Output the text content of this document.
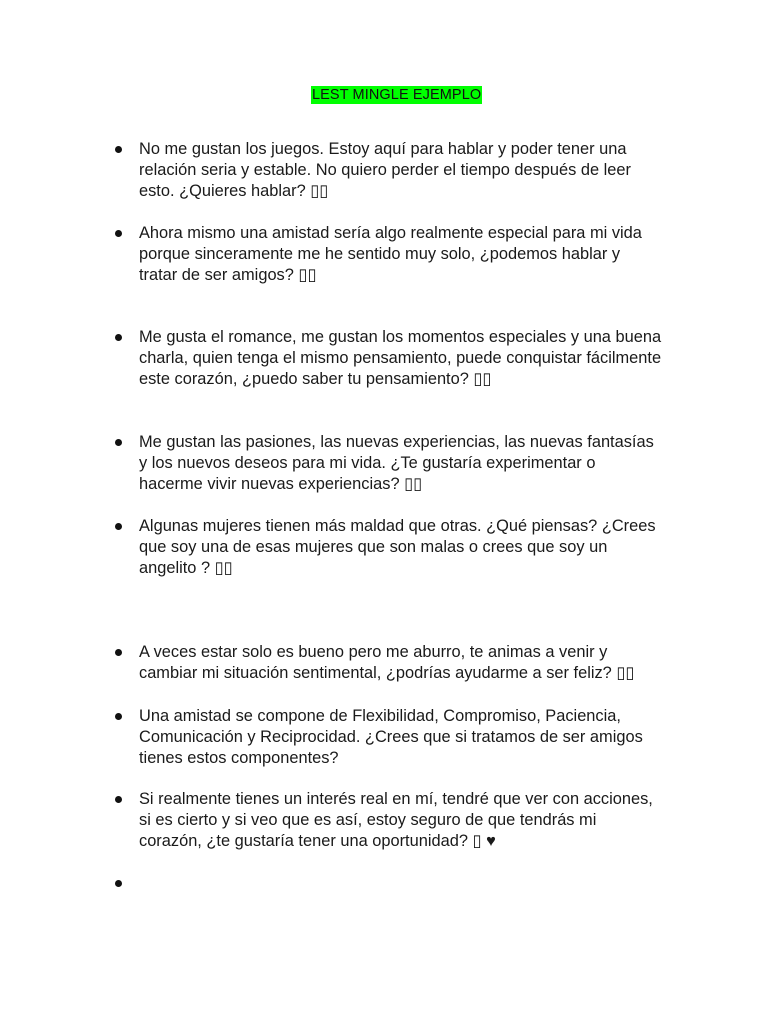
LEST MINGLE EJEMPLO

No me gustan los juegos. Estoy aquí para hablar y poder tener una
relación seria y estable. No quiero perder el tiempo después de leer
esto. ¿Quieres hablar? ▯▯

Ahora mismo una amistad sería algo realmente especial para mi vida
porque sinceramente me he sentido muy solo, ¿podemos hablar y
tratar de ser amigos? ▯▯

Me gusta el romance, me gustan los momentos especiales y una buena
charla, quien tenga el mismo pensamiento, puede conquistar fácilmente
este corazón, ¿puedo saber tu pensamiento? ▯▯

Me gustan las pasiones, las nuevas experiencias, las nuevas fantasías
y los nuevos deseos para mi vida. ¿Te gustaría experimentar o
hacerme vivir nuevas experiencias? ▯▯

Algunas mujeres tienen más maldad que otras. ¿Qué piensas? ¿Crees
que soy una de esas mujeres que son malas o crees que soy un
angelito ? ▯▯

A veces estar solo es bueno pero me aburro, te animas a venir y
cambiar mi situación sentimental, ¿podrías ayudarme a ser feliz? ▯▯

Una amistad se compone de Flexibilidad, Compromiso, Paciencia,
Comunicación y Reciprocidad. ¿Crees que si tratamos de ser amigos
tienes estos componentes?

Si realmente tienes un interés real en mí, tendré que ver con acciones,
si es cierto y si veo que es así, estoy seguro de que tendrás mi
corazón, ¿te gustaría tener una oportunidad? ▯ ♥
